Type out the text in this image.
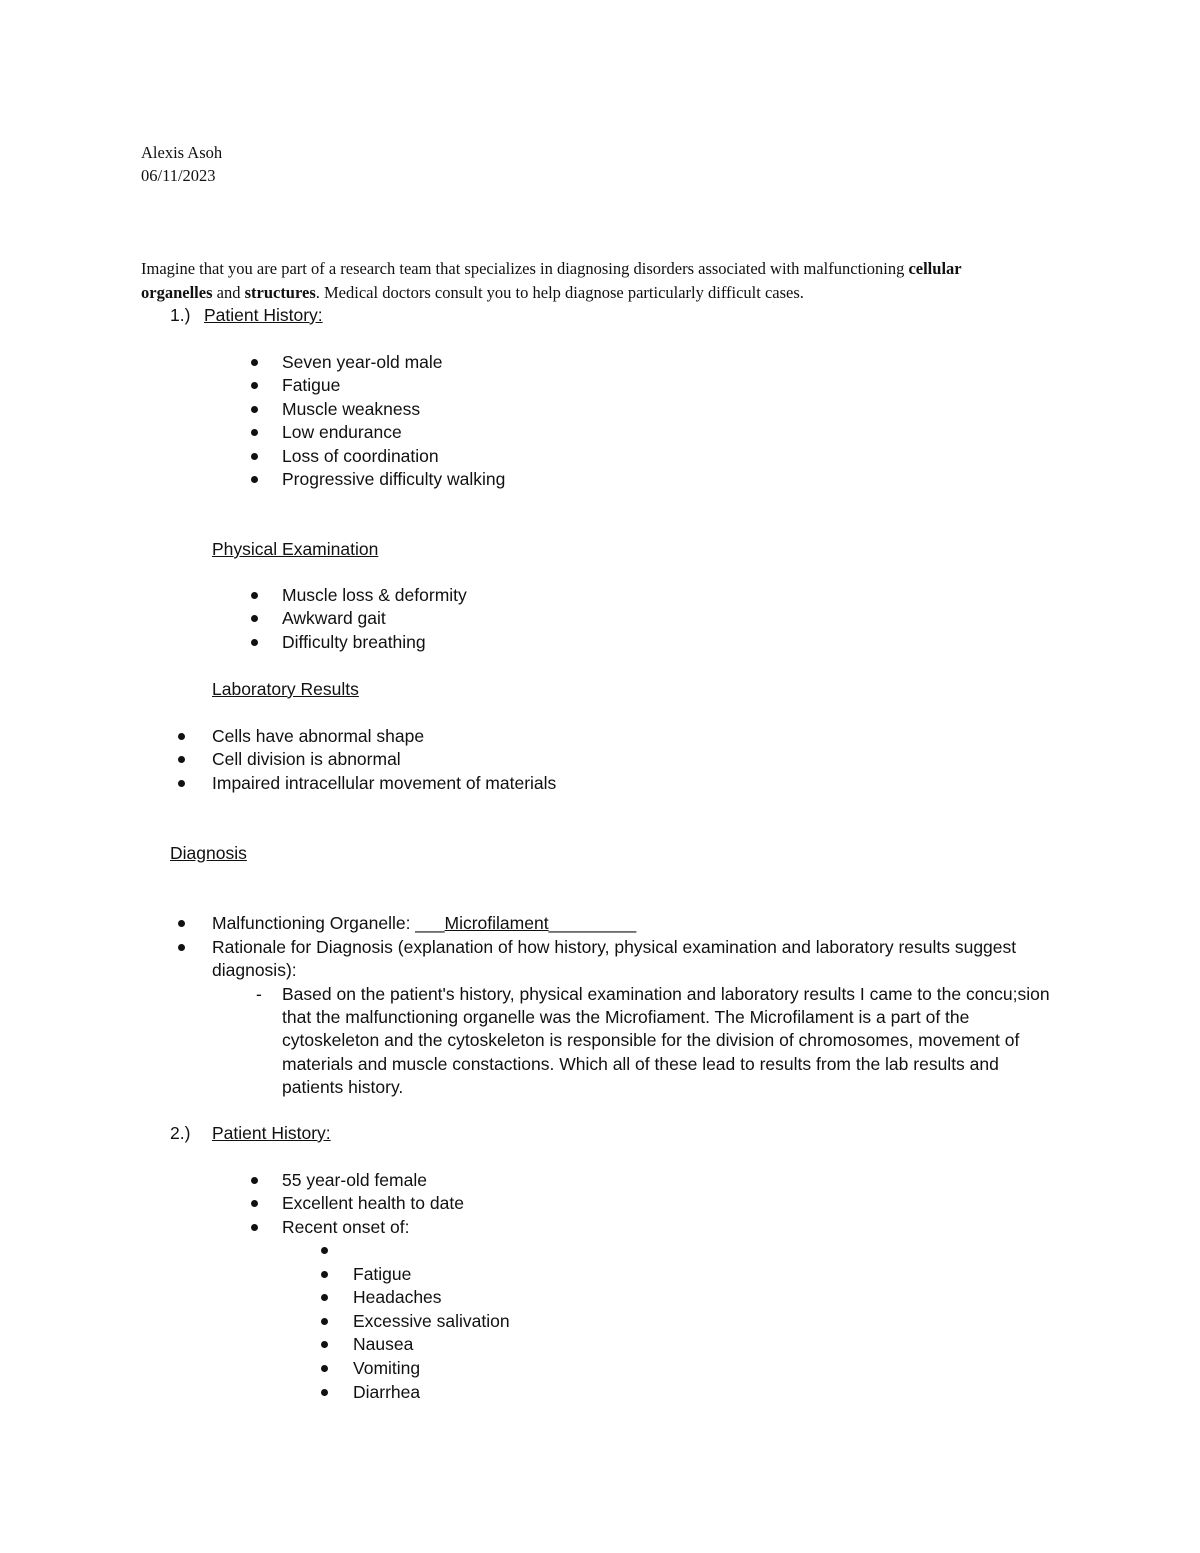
Alexis Asoh
06/11/2023
Imagine that you are part of a research team that specializes in diagnosing disorders associated with malfunctioning cellular
organelles and structures. Medical doctors consult you to help diagnose particularly difficult cases.
1.) Patient History:
Seven year-old male
Fatigue
Muscle weakness
Low endurance
Loss of coordination
Progressive difficulty walking
Physical Examination
Muscle loss & deformity
Awkward gait
Difficulty breathing
Laboratory Results
Cells have abnormal shape
Cell division is abnormal
Impaired intracellular movement of materials
Diagnosis
Malfunctioning Organelle: ___Microfilament_________
Rationale for Diagnosis (explanation of how history, physical examination and laboratory results suggest
diagnosis):
- Based on the patient's history, physical examination and laboratory results I came to the concu;sion
that the malfunctioning organelle was the Microfiament. The Microfilament is a part of the
cytoskeleton and the cytoskeleton is responsible for the division of chromosomes, movement of
materials and muscle constactions. Which all of these lead to results from the lab results and
patients history.
2.) Patient History:
55 year-old female
Excellent health to date
Recent onset of:
Fatigue
Headaches
Excessive salivation
Nausea
Vomiting
Diarrhea
